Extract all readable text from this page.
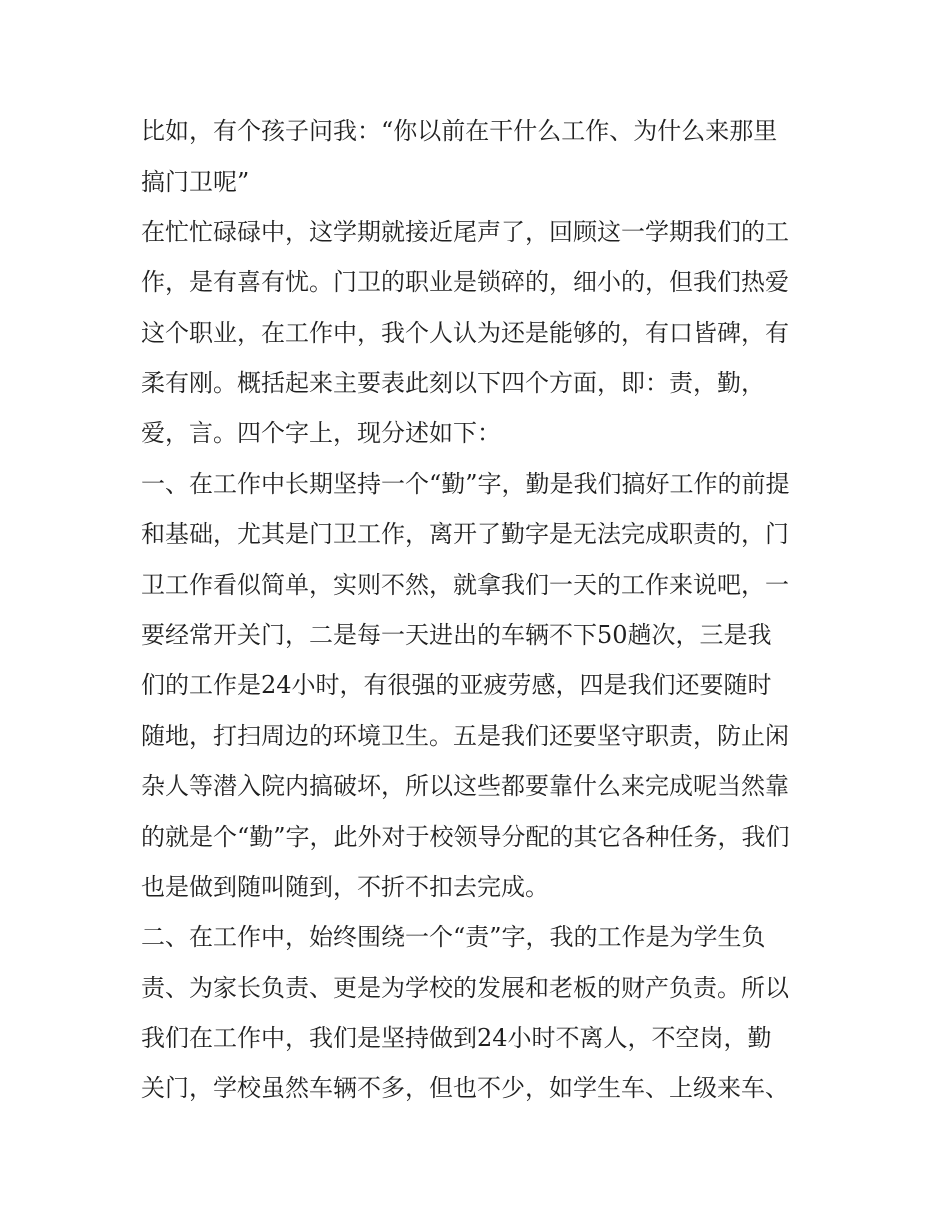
比如，有个孩子问我：“你以前在干什么工作、为什么来那里
搞门卫呢”
在忙忙碌碌中，这学期就接近尾声了，回顾这一学期我们的工
作，是有喜有忧。门卫的职业是锁碎的，细小的，但我们热爱
这个职业，在工作中，我个人认为还是能够的，有口皆碑，有
柔有刚。概括起来主要表此刻以下四个方面，即：责，勤，
爱，言。四个字上，现分述如下：
一、在工作中长期坚持一个“勤”字，勤是我们搞好工作的前提
和基础，尤其是门卫工作，离开了勤字是无法完成职责的，门
卫工作看似简单，实则不然，就拿我们一天的工作来说吧，一
要经常开关门，二是每一天进出的车辆不下50趟次，三是我
们的工作是24小时，有很强的亚疲劳感，四是我们还要随时
随地，打扫周边的环境卫生。五是我们还要坚守职责，防止闲
杂人等潜入院内搞破坏，所以这些都要靠什么来完成呢当然靠
的就是个“勤”字，此外对于校领导分配的其它各种任务，我们
也是做到随叫随到，不折不扣去完成。
二、在工作中，始终围绕一个“责”字，我的工作是为学生负
责、为家长负责、更是为学校的发展和老板的财产负责。所以
我们在工作中，我们是坚持做到24小时不离人，不空岗，勤
关门，学校虽然车辆不多，但也不少，如学生车、上级来车、
